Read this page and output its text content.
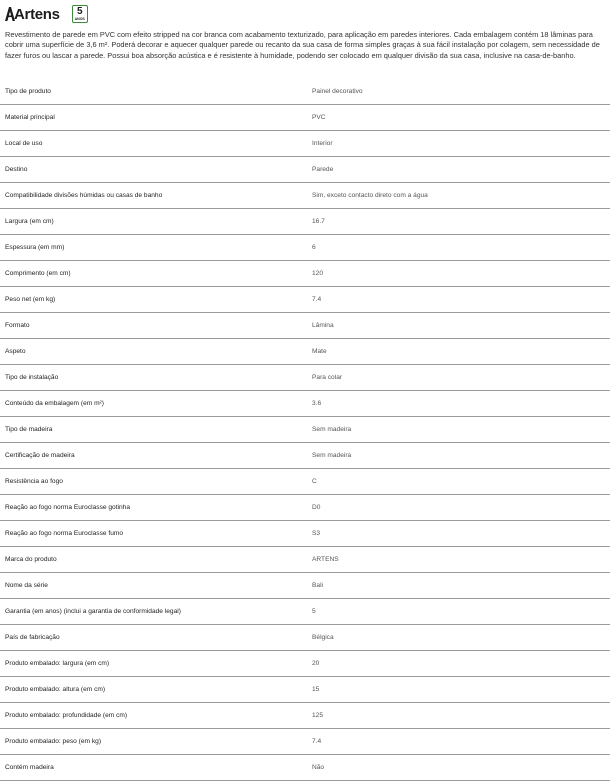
Artens 5
ANOS

Revestimento de parede em PVC com efeito stripped na cor branca com acabamento texturizado, para aplicação em paredes interiores. Cada embalagem contém 18 lâminas para cobrir uma superfície de 3,6 m². Poderá decorar e aquecer qualquer parede ou recanto da sua casa de forma simples graças à sua fácil instalação por colagem, sem necessidade de fazer furos ou lascar a parede. Possui boa absorção acústica e é resistente à humidade, podendo ser colocado em qualquer divisão da sua casa, inclusive na casa-de-banho.

Tipo de produto	Painel decorativo
Material principal	PVC
Local de uso	Interior
Destino	Parede
Compatibilidade divisões húmidas ou casas de banho	Sim, exceto contacto direto com a água
Largura (em cm)	16.7
Espessura (em mm)	6
Comprimento (em cm)	120
Peso net (em kg)	7.4
Formato	Lâmina
Aspeto	Mate
Tipo de instalação	Para colar
Conteúdo da embalagem (em m²)	3.6
Tipo de madeira	Sem madeira
Certificação de madeira	Sem madeira
Resistência ao fogo	C
Reação ao fogo norma Euroclasse gotinha	D0
Reação ao fogo norma Euroclasse fumo	S3
Marca do produto	ARTENS
Nome da série	Bali
Garantia (em anos) (inclui a garantia de conformidade legal)	5
País de fabricação	Bélgica
Produto embalado: largura (em cm)	20
Produto embalado: altura (em cm)	15
Produto embalado: profundidade (em cm)	125
Produto embalado: peso (em kg)	7.4
Contém madeira	Não
